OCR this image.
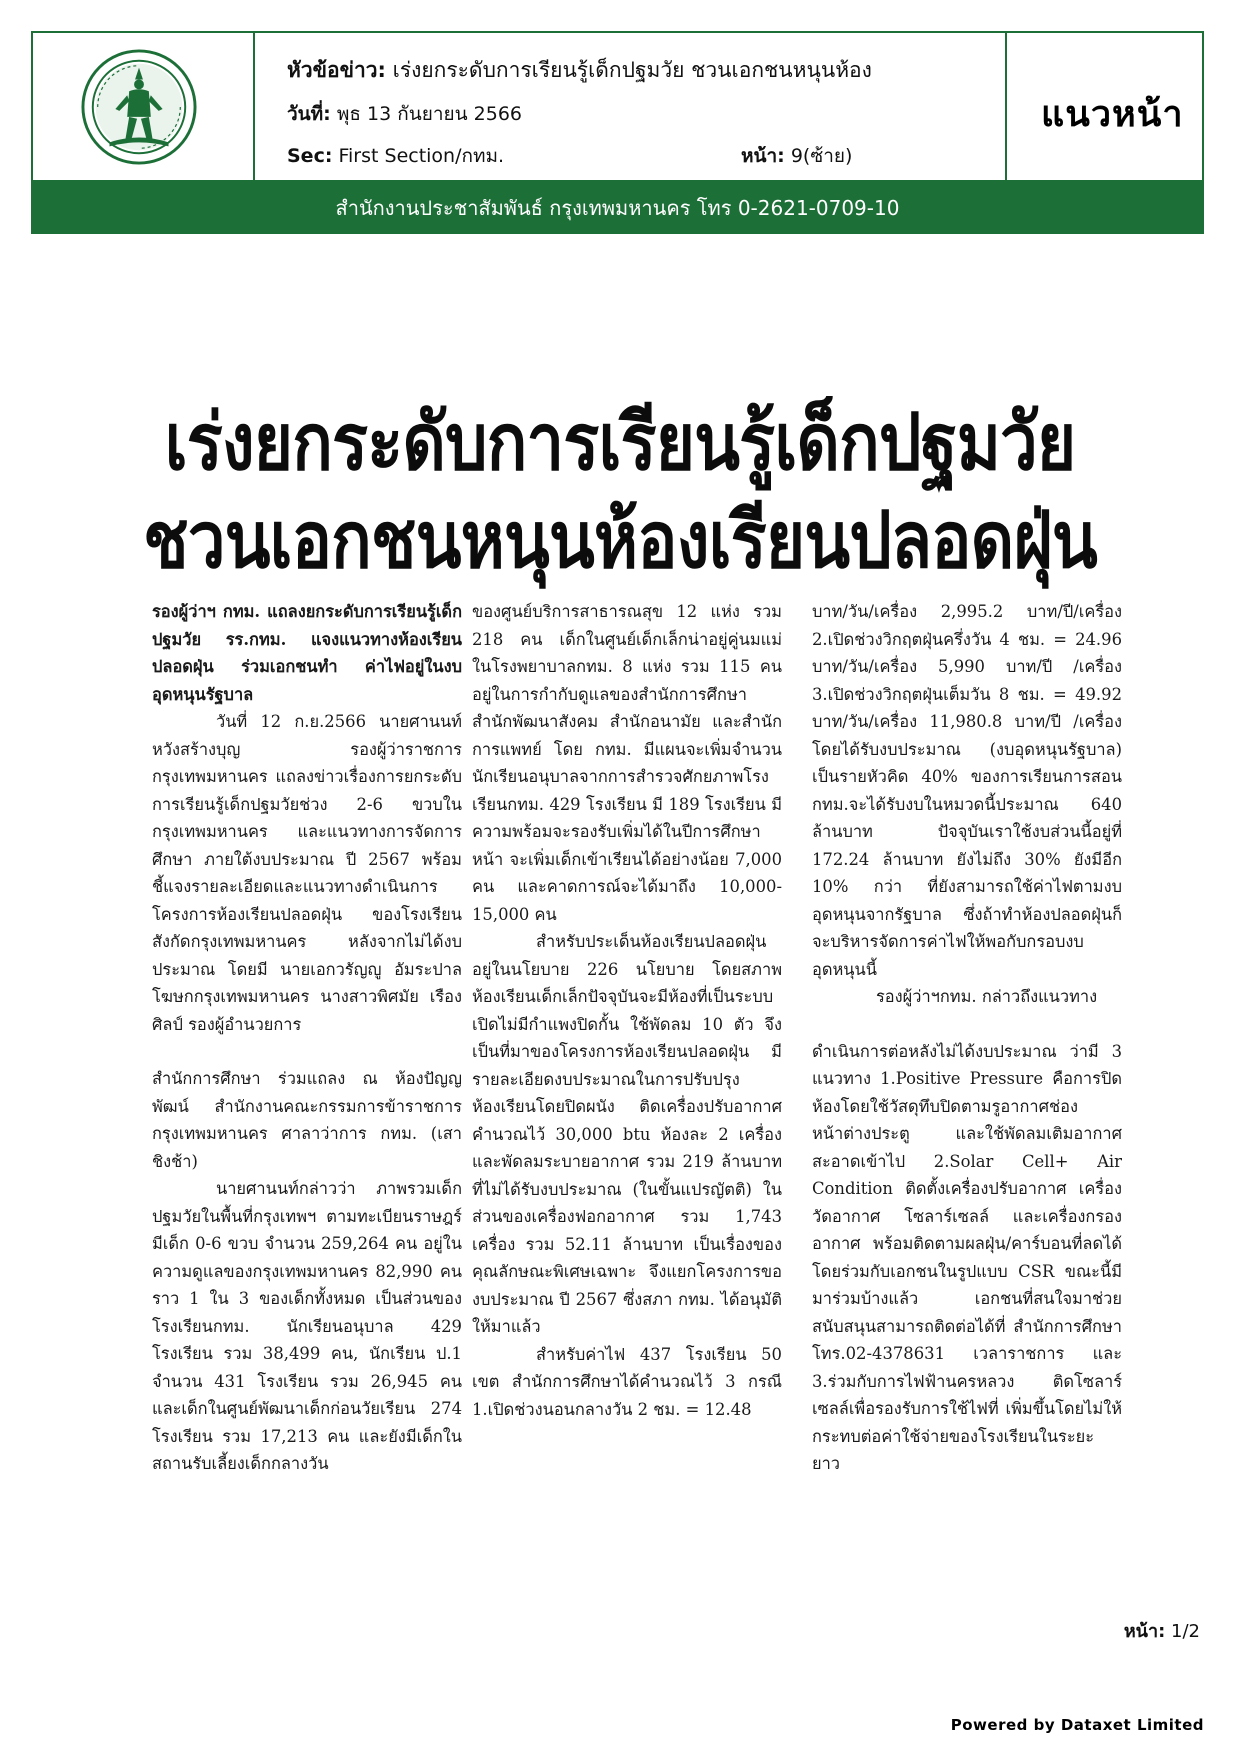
หัวข้อข่าว: เร่งยกระดับการเรียนรู้เด็กปฐมวัย ชวนเอกชนหนุนห้อง
วันที่: พุธ 13 กันยายน 2566
Sec: First Section/กทม.	หน้า: 9(ซ้าย)
แนวหน้า
สำนักงานประชาสัมพันธ์ กรุงเทพมหานคร โทร 0-2621-0709-10
เร่งยกระดับการเรียนรู้เด็กปฐมวัย
ชวนเอกชนหนุนห้องเรียนปลอดฝุ่น

รองผู้ว่าฯ กทม. แถลงยกระดับการเรียนรู้เด็กปฐมวัย รร.กทม. แจงแนวทางห้องเรียนปลอดฝุ่น ร่วมเอกชนทำ ค่าไฟอยู่ในงบอุดหนุนรัฐบาล

วันที่ 12 ก.ย.2566 นายศานนท์ หวังสร้างบุญ รองผู้ว่าราชการกรุงเทพมหานคร แถลงข่าวเรื่องการยกระดับการเรียนรู้เด็กปฐมวัยช่วง 2-6 ขวบในกรุงเทพมหานคร และแนวทางการจัดการศึกษา ภายใต้งบประมาณ ปี 2567 พร้อมชี้แจงรายละเอียดและแนวทางดำเนินการโครงการห้องเรียนปลอดฝุ่น ของโรงเรียนสังกัดกรุงเทพมหานคร หลังจากไม่ได้งบประมาณ โดยมี นายเอกวรัญญู อัมระปาล โฆษกกรุงเทพมหานคร นางสาวพิศมัย เรืองศิลป์ รองผู้อำนวยการ

สำนักการศึกษา ร่วมแถลง ณ ห้องปัญญพัฒน์ สำนักงานคณะกรรมการข้าราชการกรุงเทพมหานคร ศาลาว่าการ กทม. (เสาชิงช้า)

นายศานนท์กล่าวว่า ภาพรวมเด็กปฐมวัยในพื้นที่กรุงเทพฯ ตามทะเบียนราษฎร์มีเด็ก 0-6 ขวบ จำนวน 259,264 คน อยู่ในความดูแลของกรุงเทพมหานคร 82,990 คน ราว 1 ใน 3 ของเด็กทั้งหมด เป็นส่วนของโรงเรียนกทม. นักเรียนอนุบาล 429 โรงเรียน รวม 38,499 คน, นักเรียน ป.1 จำนวน 431 โรงเรียน รวม 26,945 คน และเด็กในศูนย์พัฒนาเด็กก่อนวัยเรียน 274 โรงเรียน รวม 17,213 คน และยังมีเด็กในสถานรับเลี้ยงเด็กกลางวัน

ของศูนย์บริการสาธารณสุข 12 แห่ง รวม 218 คน เด็กในศูนย์เด็กเล็กน่าอยู่คู่นมแม่ ในโรงพยาบาลกทม. 8 แห่ง รวม 115 คน อยู่ในการกำกับดูแลของสำนักการศึกษา สำนักพัฒนาสังคม สำนักอนามัย และสำนักการแพทย์ โดย กทม. มีแผนจะเพิ่มจำนวนนักเรียนอนุบาลจากการสำรวจศักยภาพโรงเรียนกทม. 429 โรงเรียน มี 189 โรงเรียน มีความพร้อมจะรองรับเพิ่มได้ในปีการศึกษาหน้า จะเพิ่มเด็กเข้าเรียนได้อย่างน้อย 7,000 คน และคาดการณ์จะได้มาถึง 10,000-15,000 คน

สำหรับประเด็นห้องเรียนปลอดฝุ่นอยู่ในนโยบาย 226 นโยบาย โดยสภาพห้องเรียนเด็กเล็กปัจจุบันจะมีห้องที่เป็นระบบเปิดไม่มีกำแพงปิดกั้น ใช้พัดลม 10 ตัว จึงเป็นที่มาของโครงการห้องเรียนปลอดฝุ่น มีรายละเอียดงบประมาณในการปรับปรุงห้องเรียนโดยปิดผนัง ติดเครื่องปรับอากาศ คำนวณไว้ 30,000 btu ห้องละ 2 เครื่อง และพัดลมระบายอากาศ รวม 219 ล้านบาท ที่ไม่ได้รับงบประมาณ (ในขั้นแปรญัตติ) ในส่วนของเครื่องฟอกอากาศ รวม 1,743 เครื่อง รวม 52.11 ล้านบาท เป็นเรื่องของคุณลักษณะพิเศษเฉพาะ จึงแยกโครงการขอ งบประมาณ ปี 2567 ซึ่งสภา กทม. ได้อนุมัติให้มาแล้ว

สำหรับค่าไฟ 437 โรงเรียน 50 เขต สำนักการศึกษาได้คำนวณไว้ 3 กรณี 1.เปิดช่วงนอนกลางวัน 2 ชม. = 12.48

บาท/วัน/เครื่อง 2,995.2 บาท/ปี/เครื่อง 2.เปิดช่วงวิกฤตฝุ่นครึ่งวัน 4 ชม. = 24.96 บาท/วัน/เครื่อง 5,990 บาท/ปี /เครื่อง 3.เปิดช่วงวิกฤตฝุ่นเต็มวัน 8 ชม. = 49.92 บาท/วัน/เครื่อง 11,980.8 บาท/ปี /เครื่อง โดยได้รับงบประมาณ (งบอุดหนุนรัฐบาล) เป็นรายหัวคิด 40% ของการเรียนการสอน กทม.จะได้รับงบในหมวดนี้ประมาณ 640 ล้านบาท ปัจจุบันเราใช้งบส่วนนี้อยู่ที่ 172.24 ล้านบาท ยังไม่ถึง 30% ยังมีอีก 10% กว่า ที่ยังสามารถใช้ค่าไฟตามงบอุดหนุนจากรัฐบาล ซึ่งถ้าทำห้องปลอดฝุ่นก็จะบริหารจัดการค่าไฟให้พอกับกรอบงบอุดหนุนนี้

รองผู้ว่าฯกทม. กล่าวถึงแนวทาง

ดำเนินการต่อหลังไม่ได้งบประมาณ ว่ามี 3 แนวทาง 1.Positive Pressure คือการปิดห้องโดยใช้วัสดุทึบปิดตามรูอากาศช่องหน้าต่างประตู และใช้พัดลมเติมอากาศสะอาดเข้าไป 2.Solar Cell+ Air Condition ติดตั้งเครื่องปรับอากาศ เครื่องวัดอากาศ โซลาร์เซลล์ และเครื่องกรองอากาศ พร้อมติดตามผลฝุ่น/คาร์บอนที่ลดได้ โดยร่วมกับเอกชนในรูปแบบ CSR ขณะนี้มีมาร่วมบ้างแล้ว เอกชนที่สนใจมาช่วยสนับสนุนสามารถติดต่อได้ที่ สำนักการศึกษา โทร.02-4378631 เวลาราชการ และ 3.ร่วมกับการไฟฟ้านครหลวง ติดโซลาร์เซลล์เพื่อรองรับการใช้ไฟที่ เพิ่มขึ้นโดยไม่ให้กระทบต่อค่าใช้จ่ายของโรงเรียนในระยะยาว

หน้า: 1/2
Powered by Dataxet Limited
